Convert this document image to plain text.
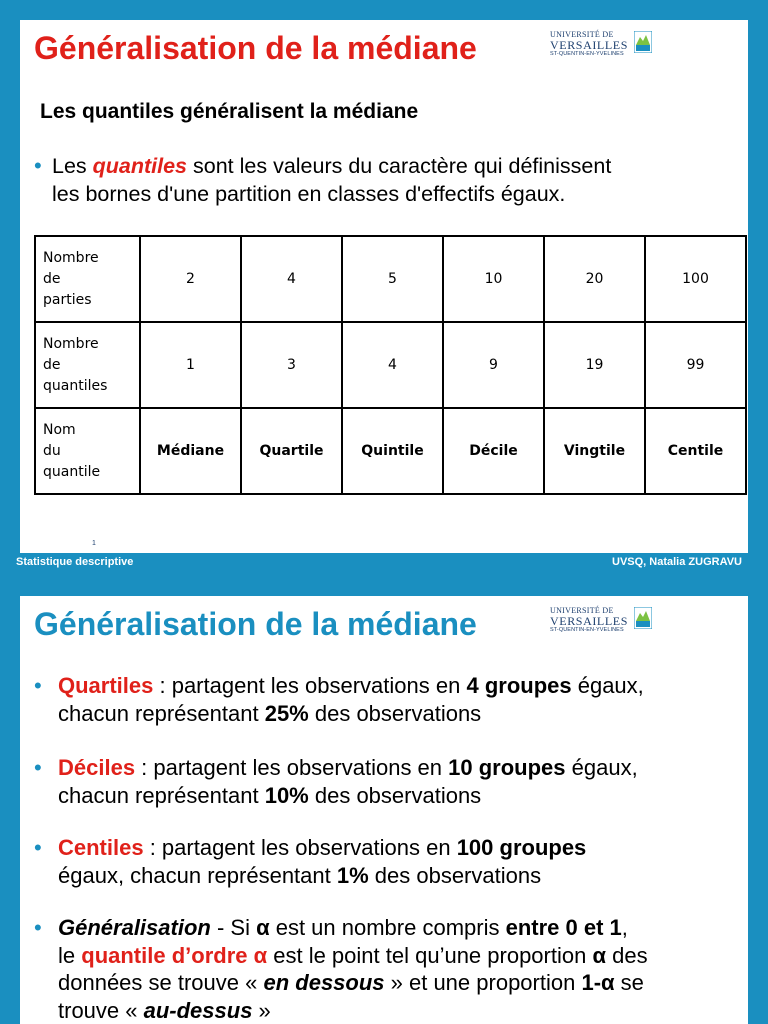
Généralisation de la médiane	UNIVERSITÉ DE
VERSAILLES
ST-QUENTIN-EN-YVELINES
Les quantiles généralisent la médiane
• Les quantiles sont les valeurs du caractère qui définissent
les bornes d'une partition en classes d'effectifs égaux.
Nombre
de
parties	2	4	5	10	20	100
Nombre
de
quantiles	1	3	4	9	19	99
Nom
du
quantile	Médiane	Quartile	Quintile	Décile	Vingtile	Centile
1
Statistique descriptive	UVSQ, Natalia ZUGRAVU
Généralisation de la médiane	UNIVERSITÉ DE
VERSAILLES
ST-QUENTIN-EN-YVELINES
• Quartiles : partagent les observations en 4 groupes égaux,
chacun représentant 25% des observations
• Déciles : partagent les observations en 10 groupes égaux,
chacun représentant 10% des observations
• Centiles : partagent les observations en 100 groupes
égaux, chacun représentant 1% des observations
• Généralisation - Si α est un nombre compris entre 0 et 1,
le quantile d’ordre α est le point tel qu’une proportion α des
données se trouve « en dessous » et une proportion 1-α se
trouve « au-dessus »
